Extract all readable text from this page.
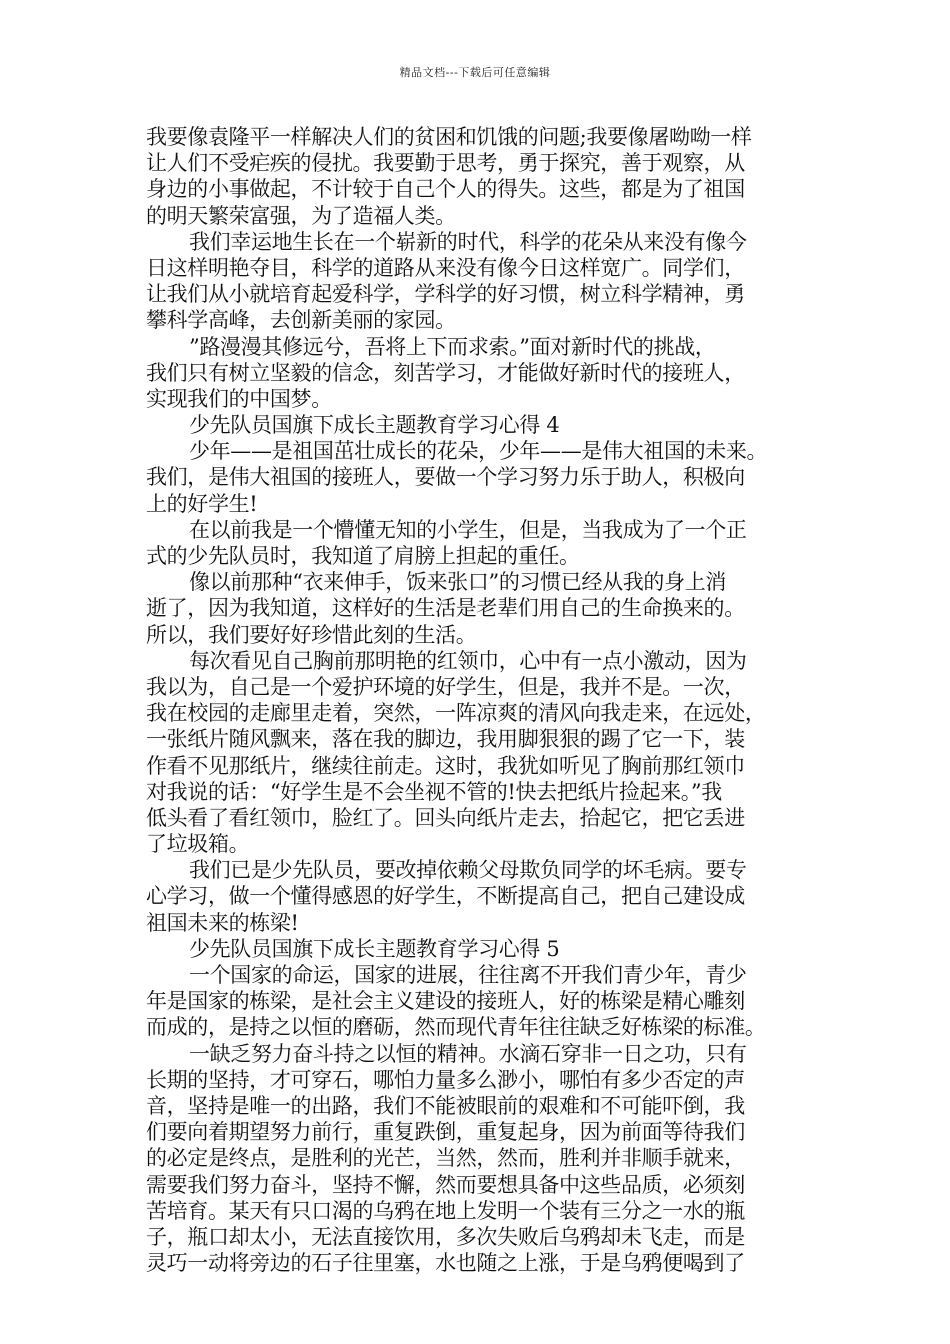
精品文档---下载后可任意编辑
我要像袁隆平一样解决人们的贫困和饥饿的问题;我要像屠呦呦一样
让人们不受疟疾的侵扰。我要勤于思考，勇于探究，善于观察，从
身边的小事做起，不计较于自己个人的得失。这些，都是为了祖国
的明天繁荣富强，为了造福人类。
我们幸运地生长在一个崭新的时代，科学的花朵从来没有像今
日这样明艳夺目，科学的道路从来没有像今日这样宽广。同学们，
让我们从小就培育起爱科学，学科学的好习惯，树立科学精神，勇
攀科学高峰，去创新美丽的家园。
”路漫漫其修远兮，吾将上下而求索。”面对新时代的挑战，
我们只有树立坚毅的信念，刻苦学习，才能做好新时代的接班人，
实现我们的中国梦。
少先队员国旗下成长主题教育学习心得 4
少年——是祖国茁壮成长的花朵，少年——是伟大祖国的未来。
我们，是伟大祖国的接班人，要做一个学习努力乐于助人，积极向
上的好学生!
在以前我是一个懵懂无知的小学生，但是，当我成为了一个正
式的少先队员时，我知道了肩膀上担起的重任。
像以前那种“衣来伸手，饭来张口”的习惯已经从我的身上消
逝了，因为我知道，这样好的生活是老辈们用自己的生命换来的。
所以，我们要好好珍惜此刻的生活。
每次看见自己胸前那明艳的红领巾，心中有一点小激动，因为
我以为，自己是一个爱护环境的好学生，但是，我并不是。一次，
我在校园的走廊里走着，突然，一阵凉爽的清风向我走来，在远处，
一张纸片随风飘来，落在我的脚边，我用脚狠狠的踢了它一下，装
作看不见那纸片，继续往前走。这时，我犹如听见了胸前那红领巾
对我说的话：“好学生是不会坐视不管的!快去把纸片捡起来。”我
低头看了看红领巾，脸红了。回头向纸片走去，拾起它，把它丢进
了垃圾箱。
我们已是少先队员，要改掉依赖父母欺负同学的坏毛病。要专
心学习，做一个懂得感恩的好学生，不断提高自己，把自己建设成
祖国未来的栋梁!
少先队员国旗下成长主题教育学习心得 5
一个国家的命运，国家的进展，往往离不开我们青少年，青少
年是国家的栋梁，是社会主义建设的接班人，好的栋梁是精心雕刻
而成的，是持之以恒的磨砺，然而现代青年往往缺乏好栋梁的标准。
一缺乏努力奋斗持之以恒的精神。水滴石穿非一日之功，只有
长期的坚持，才可穿石，哪怕力量多么渺小，哪怕有多少否定的声
音，坚持是唯一的出路，我们不能被眼前的艰难和不可能吓倒，我
们要向着期望努力前行，重复跌倒，重复起身，因为前面等待我们
的必定是终点，是胜利的光芒，当然，然而，胜利并非顺手就来，
需要我们努力奋斗，坚持不懈，然而要想具备中这些品质，必须刻
苦培育。某天有只口渴的乌鸦在地上发明一个装有三分之一水的瓶
子，瓶口却太小，无法直接饮用，多次失败后乌鸦却未飞走，而是
灵巧一动将旁边的石子往里塞，水也随之上涨，于是乌鸦便喝到了
